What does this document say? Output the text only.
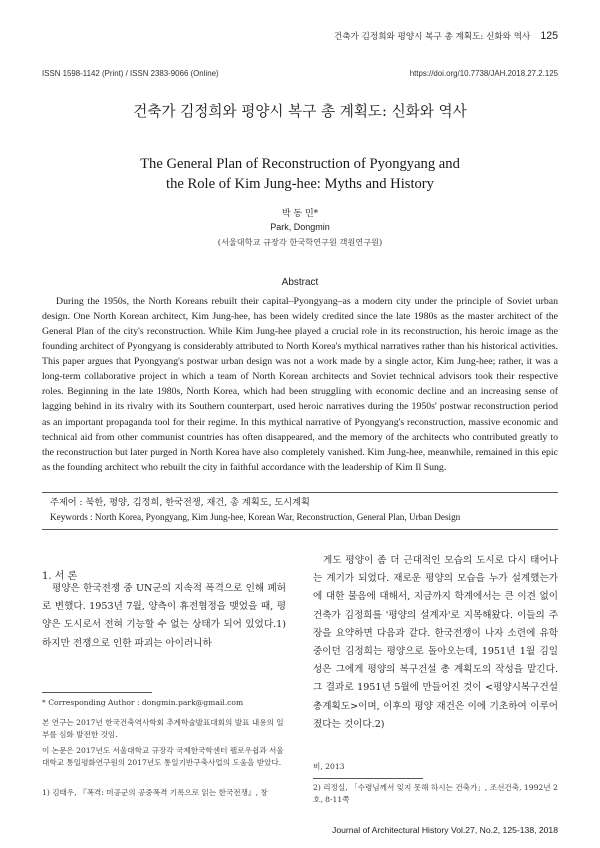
건축가 김정희와 평양시 복구 총 계획도: 신화와 역사 125
ISSN 1598-1142 (Print) / ISSN 2383-9066 (Online)	https://doi.org/10.7738/JAH.2018.27.2.125
건축가 김정희와 평양시 복구 총 계획도: 신화와 역사
The General Plan of Reconstruction of Pyongyang and
the Role of Kim Jung-hee: Myths and History
박 동 민*
Park, Dongmin
(서울대학교 규장각 한국학연구원 객원연구원)
Abstract

During the 1950s, the North Koreans rebuilt their capital–Pyongyang–as a modern city under the principle of Soviet urban design. One North Korean architect, Kim Jung-hee, has been widely credited since the late 1980s as the master architect of the General Plan of the city's reconstruction. While Kim Jung-hee played a crucial role in its reconstruction, his heroic image as the founding architect of Pyongyang is considerably attributed to North Korea's mythical narratives rather than his historical activities. This paper argues that Pyongyang's postwar urban design was not a work made by a single actor, Kim Jung-hee; rather, it was a long-term collaborative project in which a team of North Korean architects and Soviet technical advisors took their respective roles. Beginning in the late 1980s, North Korea, which had been struggling with economic decline and an increasing sense of lagging behind in its rivalry with its Southern counterpart, used heroic narratives during the 1950s' postwar reconstruction period as an important propaganda tool for their regime. In this mythical narrative of Pyongyang's reconstruction, massive economic and technical aid from other communist countries has often disappeared, and the memory of the architects who contributed greatly to the reconstruction but later purged in North Korea have also completely vanished. Kim Jung-hee, meanwhile, remained in this epic as the founding architect who rebuilt the city in faithful accordance with the leadership of Kim Il Sung.

주제어 : 북한, 평양, 김정희, 한국전쟁, 재건, 총 계획도, 도시계획
Keywords : North Korea, Pyongyang, Kim Jung-hee, Korean War, Reconstruction, General Plan, Urban Design
1. 서 론

평양은 한국전쟁 중 UN군의 지속적 폭격으로 인해 폐허로 변했다. 1953년 7월, 양측이 휴전협정을 맺었을 때, 평양은 도시로서 전혀 기능할 수 없는 상태가 되어 있었다.1) 하지만 전쟁으로 인한 파괴는 아이러니하

게도 평양이 좀 더 근대적인 모습의 도시로 다시 태어나는 계기가 되었다. 재로운 평양의 모습을 누가 설계했는가에 대한 물음에 대해서, 지금까지 학계에서는 큰 이견 없이 건축가 김정희를 '평양의 설계자'로 지목해왔다. 이들의 주장을 요약하면 다음과 같다. 한국전쟁이 나자 소련에 유학중이던 김정희는 평양으로 돌아오는데, 1951년 1월 김일성은 그에게 평양의 복구건설 총 계획도의 작성을 맡긴다. 그 결과로 1951년 5월에 만들어진 것이 <평양시복구건설총계획도>이며, 이후의 평양 재건은 이에 기초하여 이루어졌다는 것이다.2)

* Corresponding Author : dongmin.park@gmail.com

본 연구는 2017년 한국건축역사학회 추계학술발표대회의 발표 내용의 일부를 심화 발전한 것임.

이 논문은 2017년도 서울대학교 규장각 국제한국학센터 펠로우쉽과 서울대학교 통일평화연구원의 2017년도 통일기반구축사업의 도움을 받았다.

1) 김태우, 『폭격: 미공군의 공중폭격 기록으로 읽는 한국전쟁』, 창

비, 2013

2) 리정실, 「수령님께서 잊지 못해 하시는 건축가」, 조선건축, 1992년 2호, 8-11쪽

Journal of Architectural History Vol.27, No.2, 125-138, 2018
